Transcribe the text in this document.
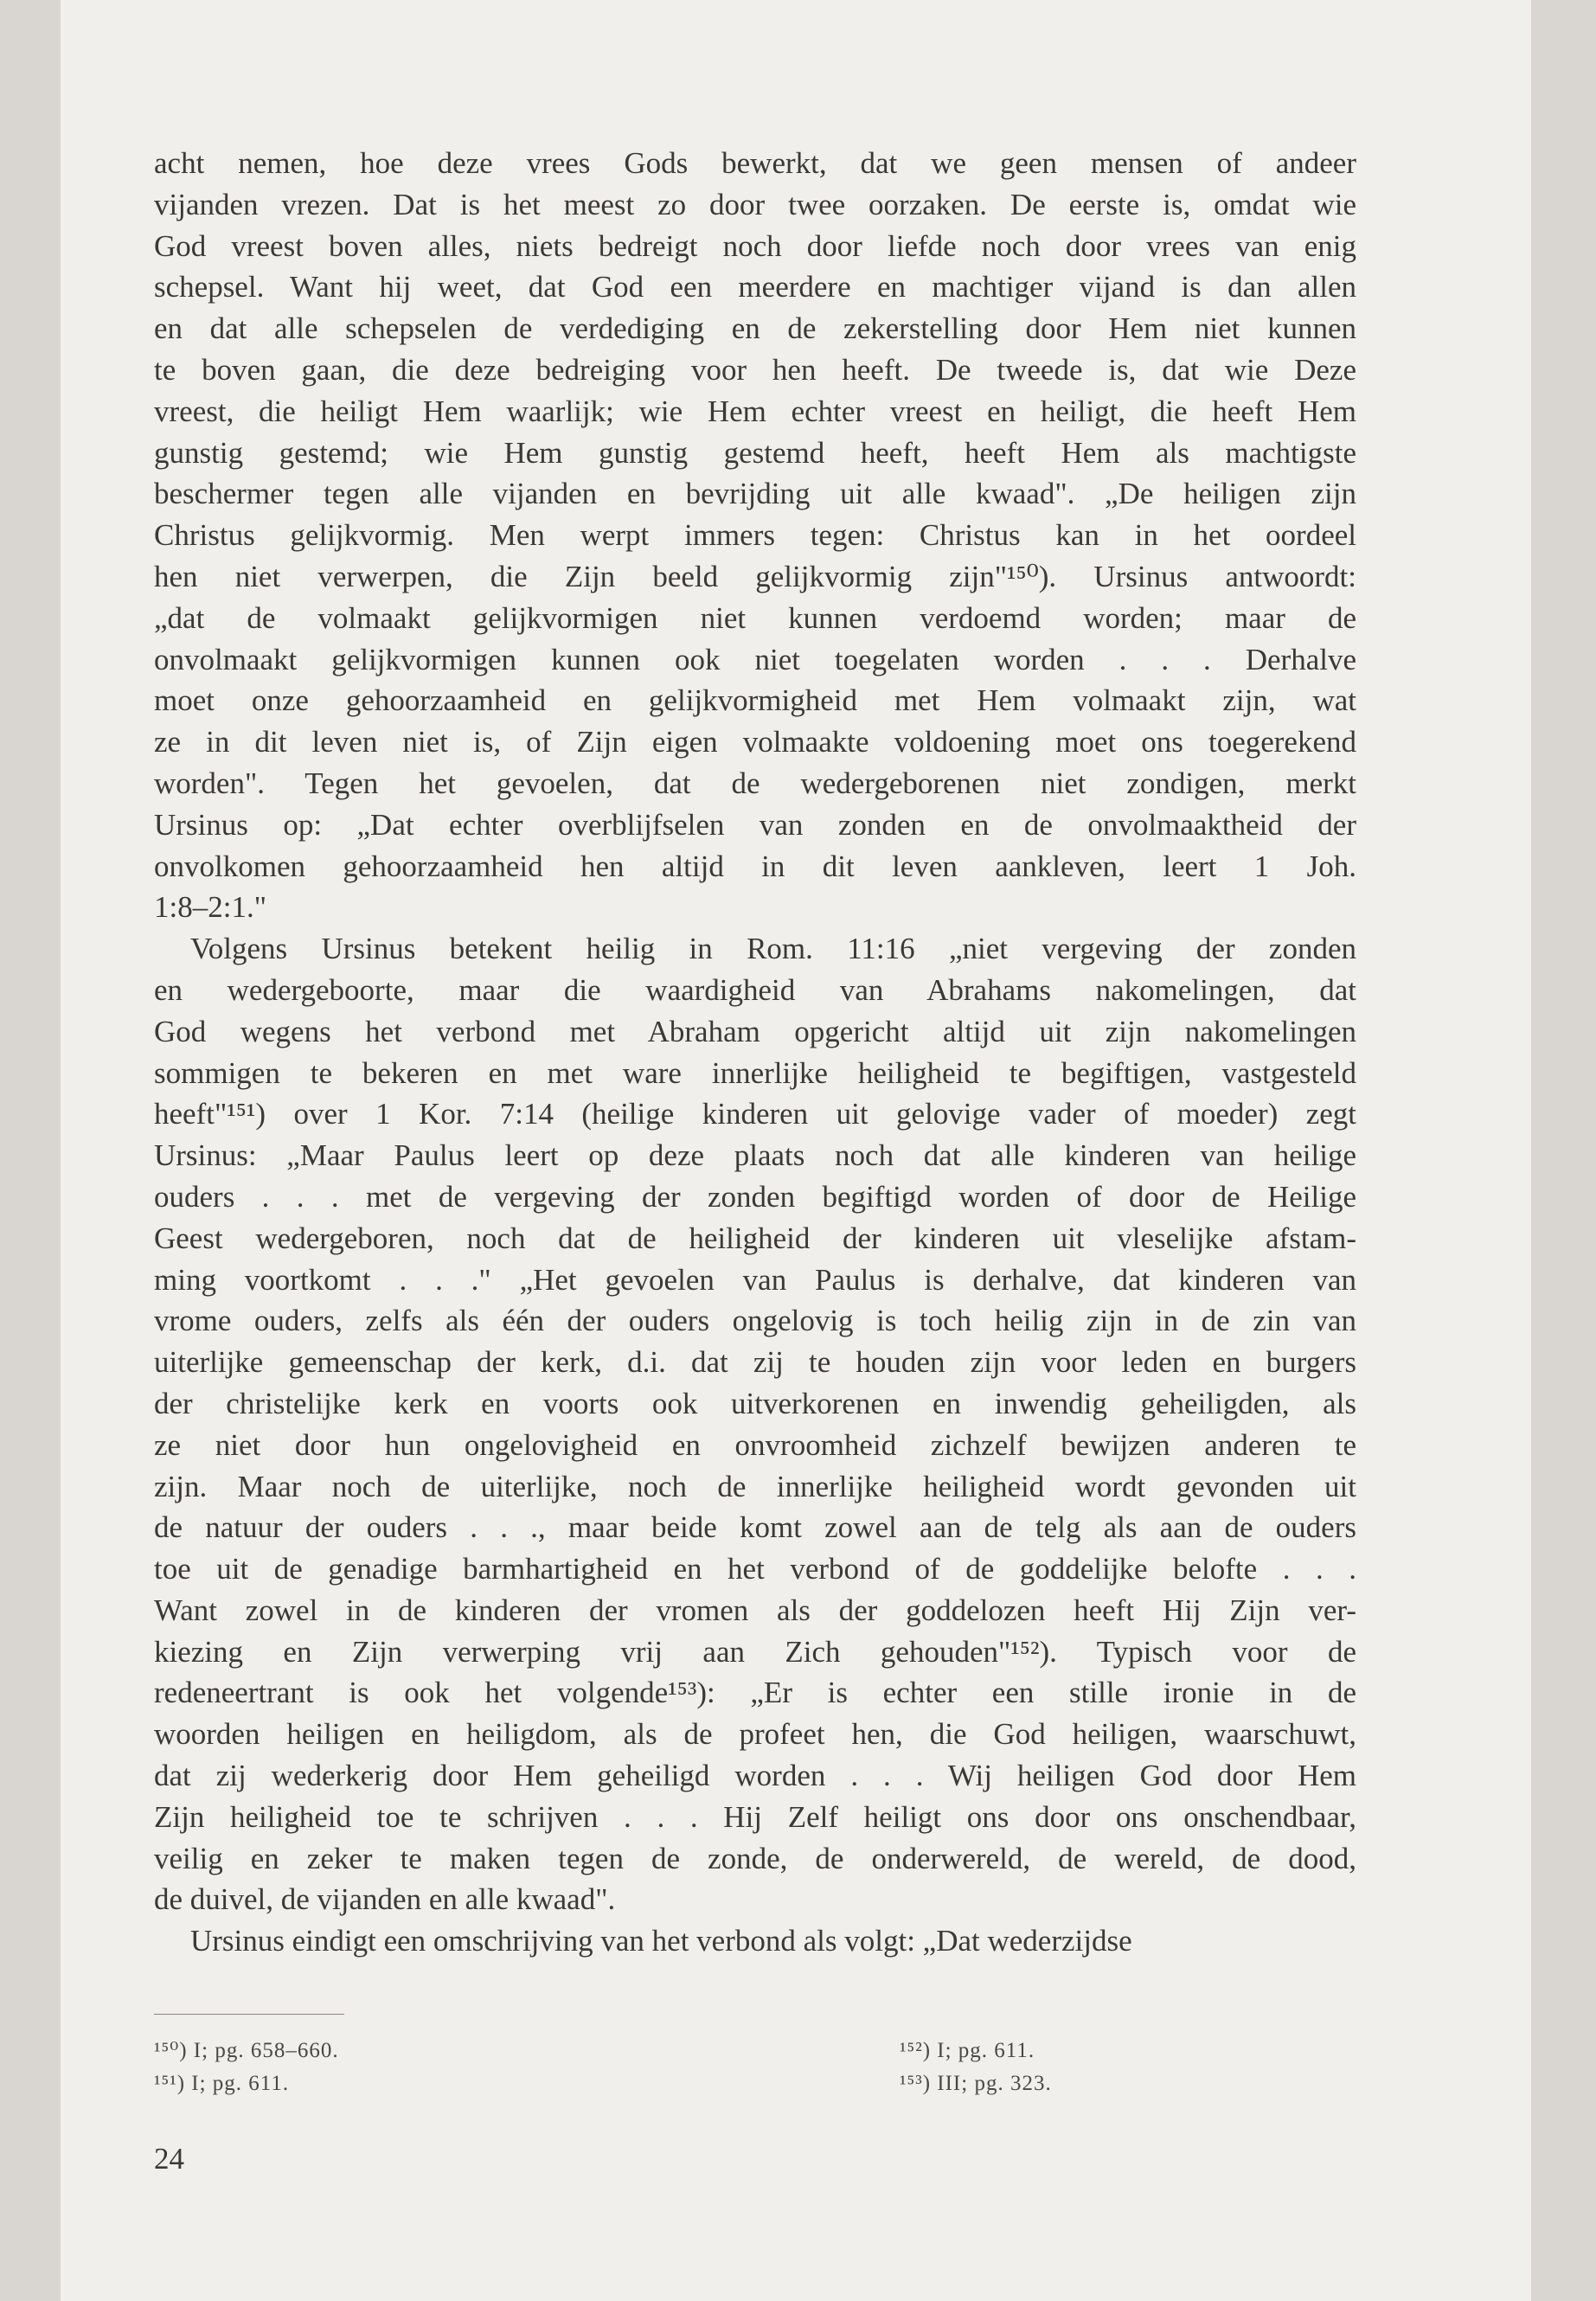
acht nemen, hoe deze vrees Gods bewerkt, dat we geen mensen of andeer
vijanden vrezen. Dat is het meest zo door twee oorzaken. De eerste is, omdat wie
God vreest boven alles, niets bedreigt noch door liefde noch door vrees van enig
schepsel. Want hij weet, dat God een meerdere en machtiger vijand is dan allen
en dat alle schepselen de verdediging en de zekerstelling door Hem niet kunnen
te boven gaan, die deze bedreiging voor hen heeft. De tweede is, dat wie Deze
vreest, die heiligt Hem waarlijk; wie Hem echter vreest en heiligt, die heeft Hem
gunstig gestemd; wie Hem gunstig gestemd heeft, heeft Hem als machtigste
beschermer tegen alle vijanden en bevrijding uit alle kwaad". „De heiligen zijn
Christus gelijkvormig. Men werpt immers tegen: Christus kan in het oordeel
hen niet verwerpen, die Zijn beeld gelijkvormig zijn"¹⁵⁰). Ursinus antwoordt:
„dat de volmaakt gelijkvormigen niet kunnen verdoemd worden; maar de
onvolmaakt gelijkvormigen kunnen ook niet toegelaten worden . . . Derhalve
moet onze gehoorzaamheid en gelijkvormigheid met Hem volmaakt zijn, wat
ze in dit leven niet is, of Zijn eigen volmaakte voldoening moet ons toegerekend
worden". Tegen het gevoelen, dat de wedergeborenen niet zondigen, merkt
Ursinus op: „Dat echter overblijfselen van zonden en de onvolmaaktheid der
onvolkomen gehoorzaamheid hen altijd in dit leven aankleven, leert 1 Joh.
1:8–2:1."
Volgens Ursinus betekent heilig in Rom. 11:16 „niet vergeving der zonden
en wedergeboorte, maar die waardigheid van Abrahams nakomelingen, dat
God wegens het verbond met Abraham opgericht altijd uit zijn nakomelingen
sommigen te bekeren en met ware innerlijke heiligheid te begiftigen, vastgesteld
heeft"¹⁵¹) over 1 Kor. 7:14 (heilige kinderen uit gelovige vader of moeder) zegt
Ursinus: „Maar Paulus leert op deze plaats noch dat alle kinderen van heilige
ouders . . . met de vergeving der zonden begiftigd worden of door de Heilige
Geest wedergeboren, noch dat de heiligheid der kinderen uit vleselijke afstam-
ming voortkomt . . ." „Het gevoelen van Paulus is derhalve, dat kinderen van
vrome ouders, zelfs als één der ouders ongelovig is toch heilig zijn in de zin van
uiterlijke gemeenschap der kerk, d.i. dat zij te houden zijn voor leden en burgers
der christelijke kerk en voorts ook uitverkorenen en inwendig geheiligden, als
ze niet door hun ongelovigheid en onvroomheid zichzelf bewijzen anderen te
zijn. Maar noch de uiterlijke, noch de innerlijke heiligheid wordt gevonden uit
de natuur der ouders . . ., maar beide komt zowel aan de telg als aan de ouders
toe uit de genadige barmhartigheid en het verbond of de goddelijke belofte . . .
Want zowel in de kinderen der vromen als der goddelozen heeft Hij Zijn ver-
kiezing en Zijn verwerping vrij aan Zich gehouden"¹⁵²). Typisch voor de
redeneertrant is ook het volgende¹⁵³): „Er is echter een stille ironie in de
woorden heiligen en heiligdom, als de profeet hen, die God heiligen, waarschuwt,
dat zij wederkerig door Hem geheiligd worden . . . Wij heiligen God door Hem
Zijn heiligheid toe te schrijven . . . Hij Zelf heiligt ons door ons onschendbaar,
veilig en zeker te maken tegen de zonde, de onderwereld, de wereld, de dood,
de duivel, de vijanden en alle kwaad".
Ursinus eindigt een omschrijving van het verbond als volgt: „Dat wederzijdse
¹⁵⁰) I; pg. 658–660.
¹⁵¹) I; pg. 611.
¹⁵²) I; pg. 611.
¹⁵³) III; pg. 323.
24
